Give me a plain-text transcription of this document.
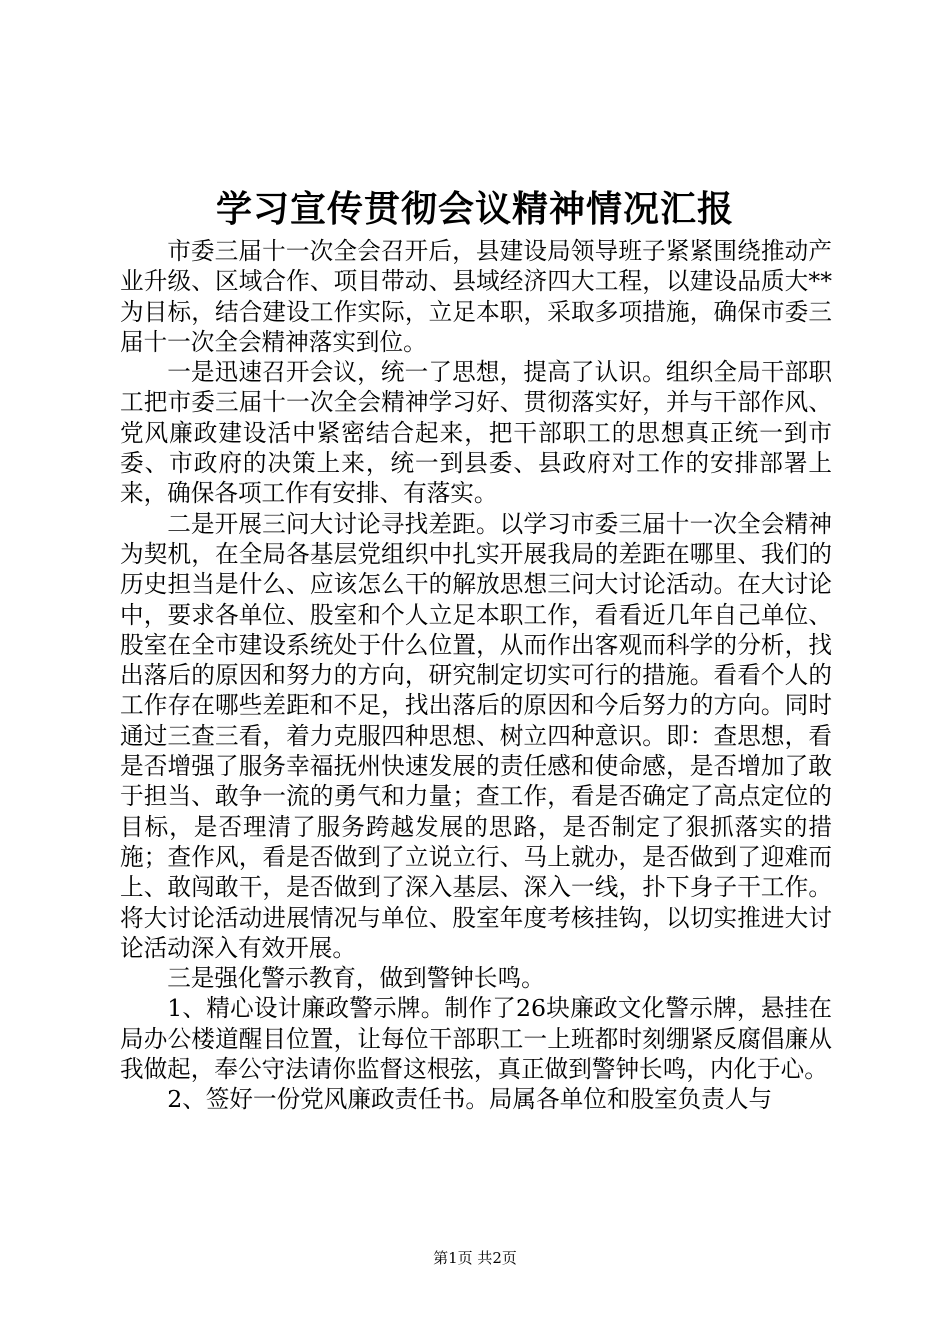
学习宣传贯彻会议精神情况汇报

市委三届十一次全会召开后，县建设局领导班子紧紧围绕推动产业升级、区域合作、项目带动、县域经济四大工程，以建设品质大**为目标，结合建设工作实际，立足本职，采取多项措施，确保市委三届十一次全会精神落实到位。

一是迅速召开会议，统一了思想，提高了认识。组织全局干部职工把市委三届十一次全会精神学习好、贯彻落实好，并与干部作风、党风廉政建设活中紧密结合起来，把干部职工的思想真正统一到市委、市政府的决策上来，统一到县委、县政府对工作的安排部署上来，确保各项工作有安排、有落实。

二是开展三问大讨论寻找差距。以学习市委三届十一次全会精神为契机，在全局各基层党组织中扎实开展我局的差距在哪里、我们的历史担当是什么、应该怎么干的解放思想三问大讨论活动。在大讨论中，要求各单位、股室和个人立足本职工作，看看近几年自己单位、股室在全市建设系统处于什么位置，从而作出客观而科学的分析，找出落后的原因和努力的方向，研究制定切实可行的措施。看看个人的工作存在哪些差距和不足，找出落后的原因和今后努力的方向。同时通过三查三看，着力克服四种思想、树立四种意识。即：查思想，看是否增强了服务幸福抚州快速发展的责任感和使命感，是否增加了敢于担当、敢争一流的勇气和力量；查工作，看是否确定了高点定位的目标，是否理清了服务跨越发展的思路，是否制定了狠抓落实的措施；查作风，看是否做到了立说立行、马上就办，是否做到了迎难而上、敢闯敢干，是否做到了深入基层、深入一线，扑下身子干工作。将大讨论活动进展情况与单位、股室年度考核挂钩，以切实推进大讨论活动深入有效开展。

三是强化警示教育，做到警钟长鸣。

1、精心设计廉政警示牌。制作了26块廉政文化警示牌，悬挂在局办公楼道醒目位置，让每位干部职工一上班都时刻绷紧反腐倡廉从我做起，奉公守法请你监督这根弦，真正做到警钟长鸣，内化于心。

2、签好一份党风廉政责任书。局属各单位和股室负责人与

第1页 共2页
